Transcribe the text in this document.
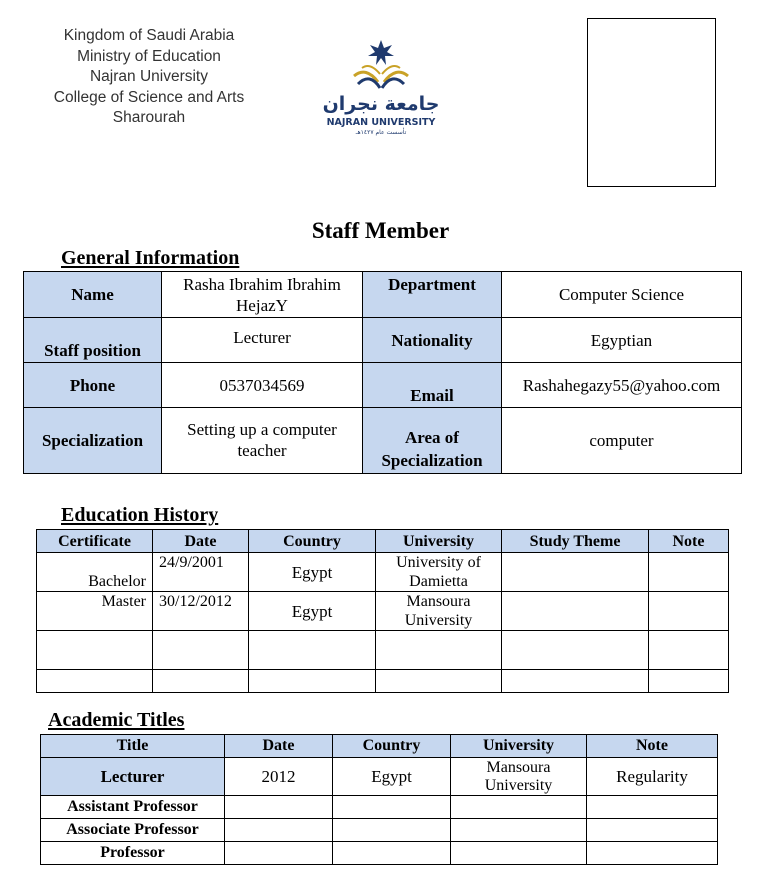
Kingdom of Saudi Arabia
Ministry of Education
Najran University
College of Science and Arts
Sharourah
جامعة نجران
NAJRAN UNIVERSITY
تأسست عام ١٤٢٧هـ
Staff Member
General Information
Name	Rasha Ibrahim Ibrahim HejazY	Department	Computer Science
Staff position	Lecturer	Nationality	Egyptian
Phone	0537034569	Email	Rashahegazy55@yahoo.com
Specialization	Setting up a computer teacher	Area of Specialization	computer
Education History
Certificate	Date	Country	University	Study Theme	Note
Bachelor	24/9/2001	Egypt	University of Damietta		
Master	30/12/2012	Egypt	Mansoura University		

Academic Titles
Title	Date	Country	University	Note
Lecturer	2012	Egypt	Mansoura University	Regularity
Assistant Professor				
Associate Professor				
Professor				
